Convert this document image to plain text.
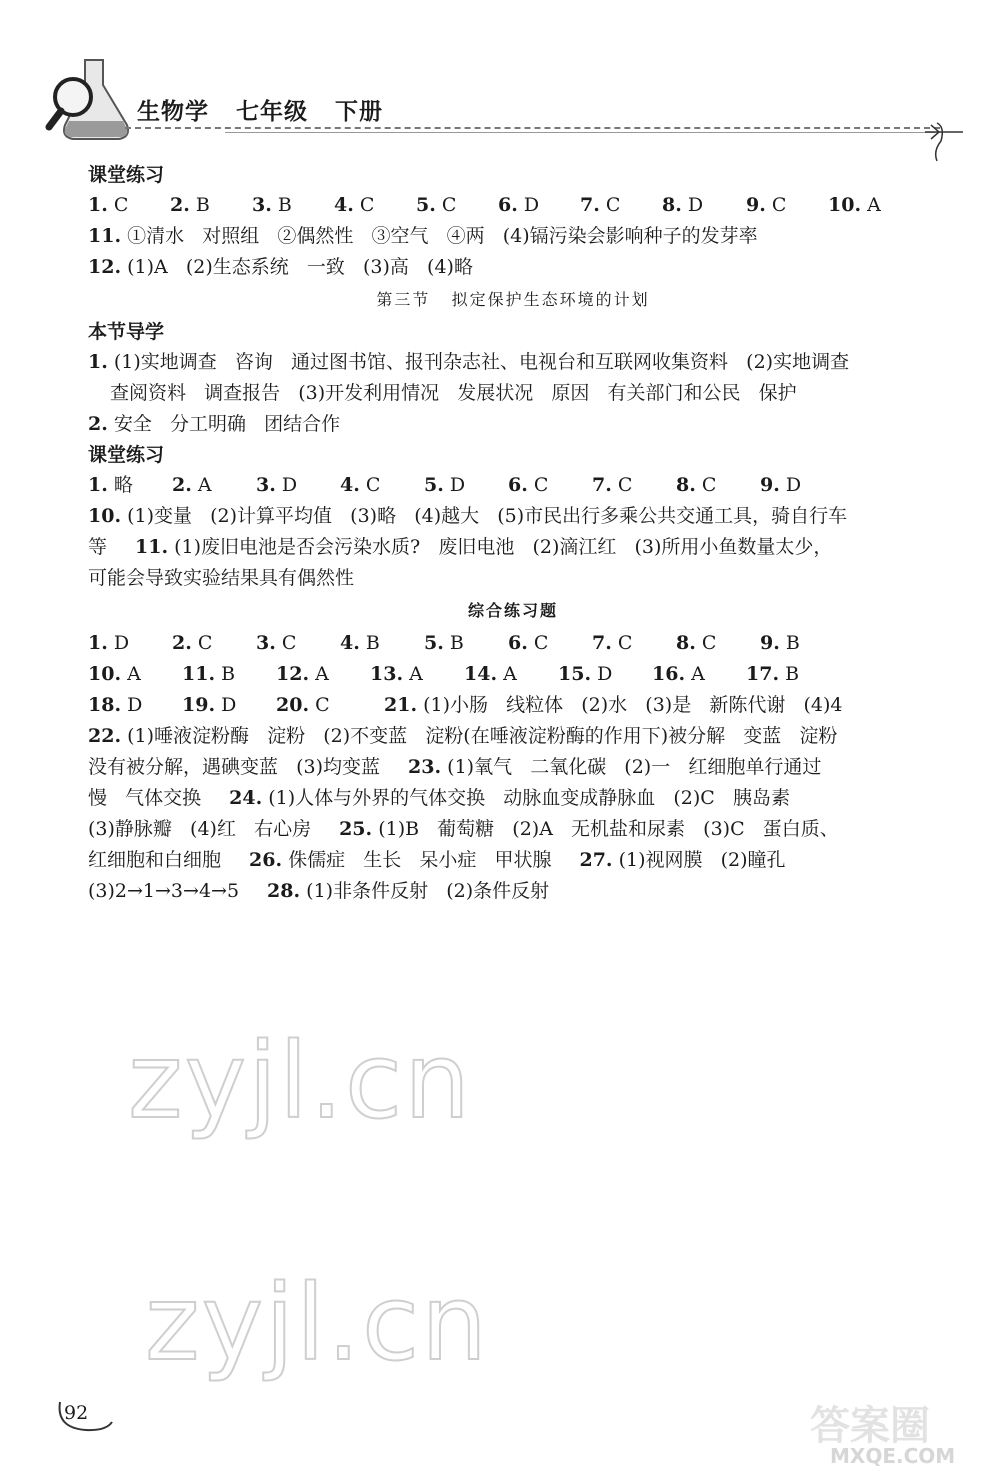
生物学   七年级   下册
课堂练习
1. C 2. B 3. B 4. C 5. C 6. D 7. C 8. D 9. C 10. A
11. ①清水   对照组   ②偶然性   ③空气   ④两   (4)镉污染会影响种子的发芽率
12. (1)A   (2)生态系统   一致   (3)高   (4)略
第三节   拟定保护生态环境的计划
本节导学
1. (1)实地调查   咨询   通过图书馆、报刊杂志社、电视台和互联网收集资料   (2)实地调查
查阅资料   调查报告   (3)开发利用情况   发展状况   原因   有关部门和公民   保护
2. 安全   分工明确   团结合作
课堂练习
1. 略 2. A 3. D 4. C 5. D 6. C 7. C 8. C 9. D
10. (1)变量   (2)计算平均值   (3)略   (4)越大   (5)市民出行多乘公共交通工具，骑自行车
等 11. (1)废旧电池是否会污染水质?   废旧电池   (2)滴江红   (3)所用小鱼数量太少，
可能会导致实验结果具有偶然性
综合练习题
1. D 2. C 3. C 4. B 5. B 6. C 7. C 8. C 9. B
10. A 11. B 12. A 13. A 14. A 15. D 16. A 17. B
18. D 19. D 20. C	21. (1)小肠   线粒体   (2)水   (3)是   新陈代谢   (4)4
22. (1)唾液淀粉酶   淀粉   (2)不变蓝   淀粉(在唾液淀粉酶的作用下)被分解   变蓝   淀粉
没有被分解，遇碘变蓝   (3)均变蓝 23. (1)氧气   二氧化碳   (2)一   红细胞单行通过
慢   气体交换 24. (1)人体与外界的气体交换   动脉血变成静脉血   (2)C   胰岛素
(3)静脉瓣   (4)红   右心房 25. (1)B   葡萄糖   (2)A   无机盐和尿素   (3)C   蛋白质、
红细胞和白细胞 26. 侏儒症   生长   呆小症   甲状腺 27. (1)视网膜   (2)瞳孔
(3)2→1→3→4→5 28. (1)非条件反射   (2)条件反射
zyjl.cn
zyjl.cn
92	答案圈
MXQE.COM
